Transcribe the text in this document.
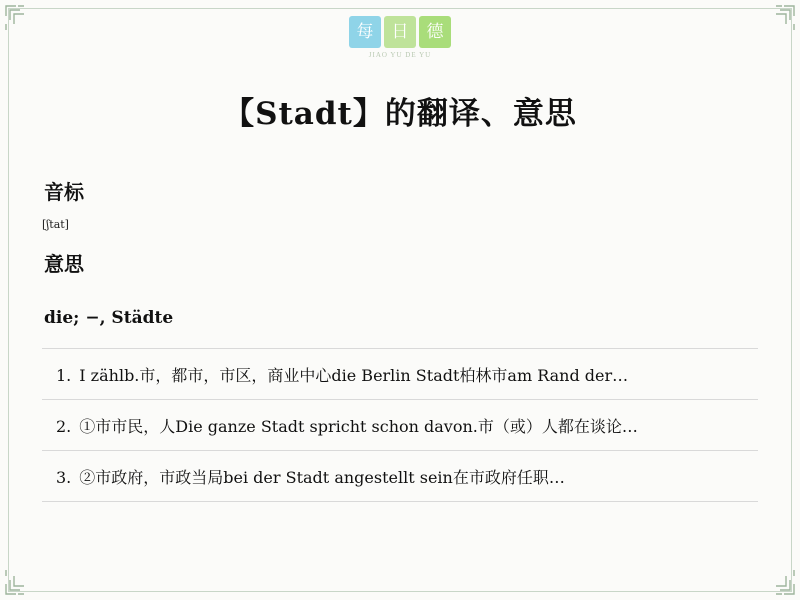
每	日	德
JIAO YU DE YU
【Stadt】的翻译、意思
音标
[ʃtat]
意思
die; −, Städte
1. Ⅰ zählb.市，都市，市区，商业中心die Berlin Stadt柏林市am Rand der…
2. ①市市民，人Die ganze Stadt spricht schon davon.市（或）人都在谈论…
3. ②市政府，市政当局bei der Stadt angestellt sein在市政府任职…
